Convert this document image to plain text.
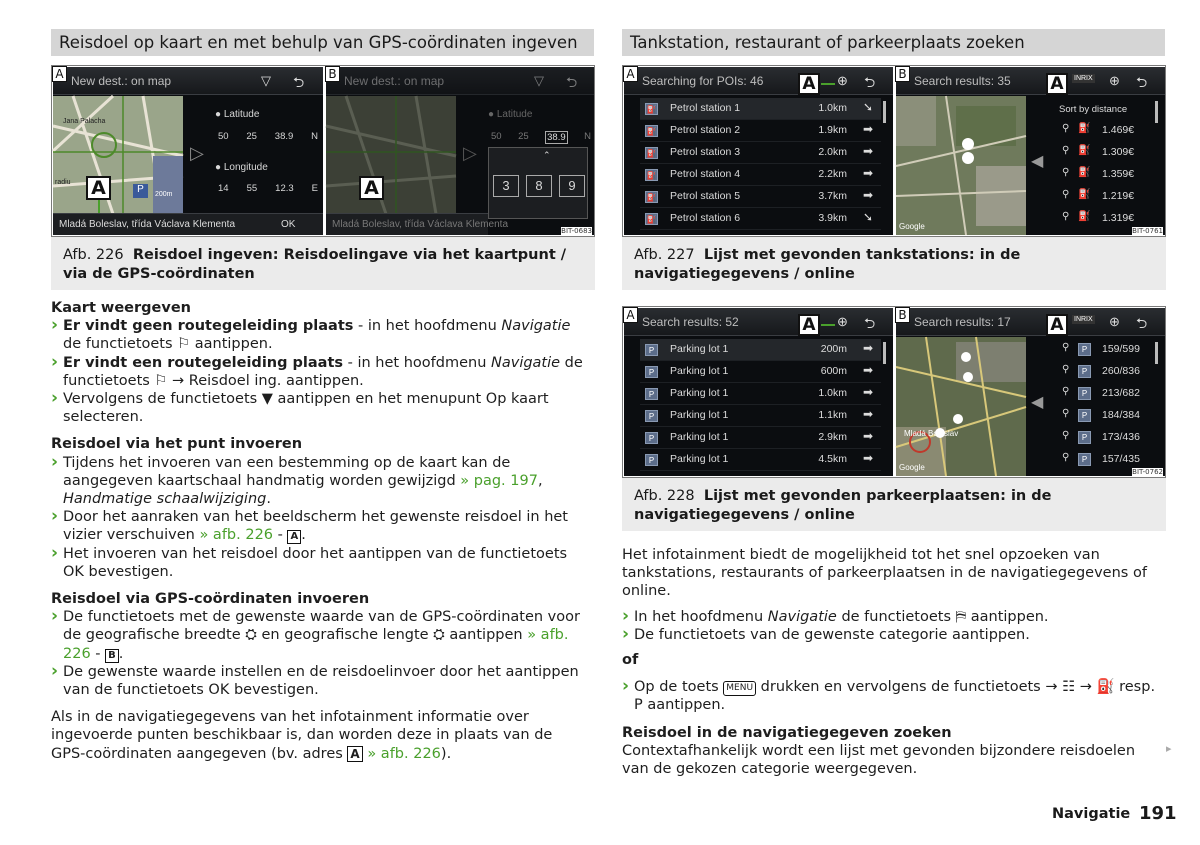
Reisdoel op kaart en met behulp van GPS-coördinaten ingeven	Tankstation, restaurant of parkeerplaats zoeken
A New dest.: on map	▽ ⮌
Jana Palacha
radiu
P	200m
A
▷
● Latitude
50 25 38.9 N
● Longitude
14 55 12.3 E
Mladá Boleslav, třída Václava Klementa	OK
B New dest.: on map	▽ ⮌
A
▷
● Latitude
50 25 38.9 N
⌃
3	8	9
Mladá Boleslav, třída Václava Klementa
BIT-0683
Afb. 226 Reisdoel ingeven: Reisdoelingave via het kaartpunt / via de GPS-coördinaten
A Searching for POIs: 46	⊕ ⮌
A
⛽ Petrol station 1	1.0km ➘
⛽ Petrol station 2	1.9km ➡
⛽ Petrol station 3	2.0km ➡
⛽ Petrol station 4	2.2km ➡
⛽ Petrol station 5	3.7km ➡
⛽ Petrol station 6	3.9km ➘
B Search results: 35	INRIX ⊕ ⮌
A
Google
◀
Sort by distance
⚲ ⛽ 1.469€
⚲ ⛽ 1.309€
⚲ ⛽ 1.359€
⚲ ⛽ 1.219€
⚲ ⛽ 1.319€
BIT-0761
Afb. 227 Lijst met gevonden tankstations: in de navigatiegegevens / online
A Search results: 52	⊕ ⮌
A
P	Parking lot 1	200m ➡
P	Parking lot 1	600m ➡
P	Parking lot 1	1.0km ➡
P	Parking lot 1	1.1km ➡
P	Parking lot 1	2.9km ➡
P	Parking lot 1	4.5km ➡
B Search results: 17	INRIX ⊕ ⮌
A
Mladá Boleslav
Google
◀
⚲	P	159/599
⚲	P	260/836
⚲	P	213/682
⚲	P	184/384
⚲	P	173/436
⚲	P	157/435
BIT-0762
Afb. 228 Lijst met gevonden parkeerplaatsen: in de navigatiegegevens / online

Kaart weergeven

› Er vindt geen routegeleiding plaats - in het hoofdmenu Navigatie de functietoets ⚐ aantippen.

› Er vindt een routegeleiding plaats - in het hoofdmenu Navigatie de functietoets ⚐ → Reisdoel ing. aantippen.

› Vervolgens de functietoets ▼ aantippen en het menupunt Op kaart selecteren.

Reisdoel via het punt invoeren

› Tijdens het invoeren van een bestemming op de kaart kan de aangegeven kaartschaal handmatig worden gewijzigd » pag. 197, Handmatige schaalwijziging.

› Door het aanraken van het beeldscherm het gewenste reisdoel in het vizier verschuiven » afb. 226 - A .

› Het invoeren van het reisdoel door het aantippen van de functietoets OK bevestigen.

Reisdoel via GPS-coördinaten invoeren

› De functietoets met de gewenste waarde van de GPS-coördinaten voor de geografische breedte ⛭ en geografische lengte ⛭ aantippen » afb. 226 - B .

› De gewenste waarde instellen en de reisdoelinvoer door het aantippen van de functietoets OK bevestigen.

Als in de navigatiegegevens van het infotainment informatie over ingevoerde punten beschikbaar is, dan worden deze in plaats van de GPS-coördinaten aangegeven (bv. adres A » afb. 226).

Het infotainment biedt de mogelijkheid tot het snel opzoeken van tankstations, restaurants of parkeerplaatsen in de navigatiegegevens of online.

› In het hoofdmenu Navigatie de functietoets ⛿ aantippen.

› De functietoets van de gewenste categorie aantippen.

of

› Op de toets MENU drukken en vervolgens de functietoets → ☷ → ⛽ resp. P aantippen.

Reisdoel in de navigatiegegeven zoeken

Contextafhankelijk wordt een lijst met gevonden bijzondere reisdoelen van de gekozen categorie weergegeven.

▸
Navigatie 191
